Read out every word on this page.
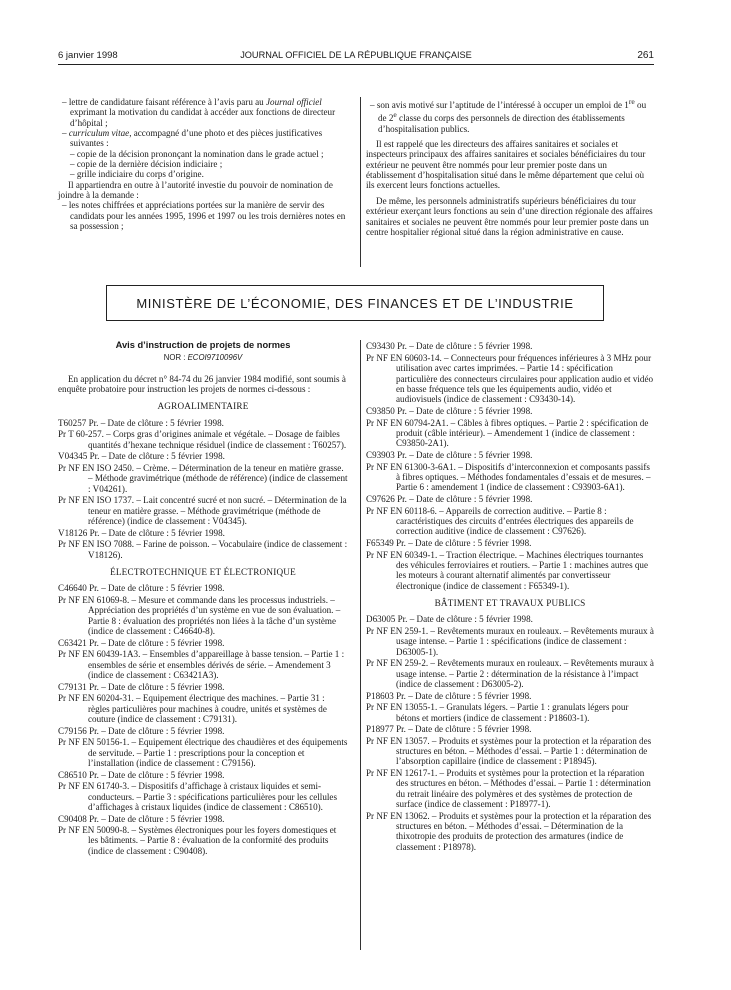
6 janvier 1998	JOURNAL OFFICIEL DE LA RÉPUBLIQUE FRANÇAISE	261

– lettre de candidature faisant référence à l’avis paru au Journal officiel exprimant la motivation du candidat à accéder aux fonctions de directeur d’hôpital ;

– curriculum vitae, accompagné d’une photo et des pièces justificatives suivantes :

– copie de la décision prononçant la nomination dans le grade actuel ;

– copie de la dernière décision indiciaire ;

– grille indiciaire du corps d’origine.

Il appartiendra en outre à l’autorité investie du pouvoir de nomination de joindre à la demande :

– les notes chiffrées et appréciations portées sur la manière de servir des candidats pour les années 1995, 1996 et 1997 ou les trois dernières notes en sa possession ;

– son avis motivé sur l’aptitude de l’intéressé à occuper un emploi de 1re ou de 2e classe du corps des personnels de direction des établissements d’hospitalisation publics.

Il est rappelé que les directeurs des affaires sanitaires et sociales et inspecteurs principaux des affaires sanitaires et sociales bénéficiaires du tour extérieur ne peuvent être nommés pour leur premier poste dans un établissement d’hospitalisation situé dans le même département que celui où ils exercent leurs fonctions actuelles.

De même, les personnels administratifs supérieurs bénéficiaires du tour extérieur exerçant leurs fonctions au sein d’une direction régionale des affaires sanitaires et sociales ne peuvent être nommés pour leur premier poste dans un centre hospitalier régional situé dans la région administrative en cause.

MINISTÈRE DE L’ÉCONOMIE, DES FINANCES ET DE L’INDUSTRIE

Avis d’instruction de projets de normes

NOR : ECOI9710096V

En application du décret n° 84-74 du 26 janvier 1984 modifié, sont soumis à enquête probatoire pour instruction les projets de normes ci-dessous :

AGROALIMENTAIRE

T60257 Pr. – Date de clôture : 5 février 1998.

Pr T 60-257. – Corps gras d’origines animale et végétale. – Dosage de faibles quantités d’hexane technique résiduel (indice de classement : T60257).

V04345 Pr. – Date de clôture : 5 février 1998.

Pr NF EN ISO 2450. – Crème. – Détermination de la teneur en matière grasse. – Méthode gravimétrique (méthode de référence) (indice de classement : V04261).

Pr NF EN ISO 1737. – Lait concentré sucré et non sucré. – Détermination de la teneur en matière grasse. – Méthode gravimétrique (méthode de référence) (indice de classement : V04345).

V18126 Pr. – Date de clôture : 5 février 1998.

Pr NF EN ISO 7088. – Farine de poisson. – Vocabulaire (indice de classement : V18126).

ÉLECTROTECHNIQUE ET ÉLECTRONIQUE

C46640 Pr. – Date de clôture : 5 février 1998.

Pr NF EN 61069-8. – Mesure et commande dans les processus industriels. – Appréciation des propriétés d’un système en vue de son évaluation. – Partie 8 : évaluation des propriétés non liées à la tâche d’un système (indice de classement : C46640-8).

C63421 Pr. – Date de clôture : 5 février 1998.

Pr NF EN 60439-1A3. – Ensembles d’appareillage à basse tension. – Partie 1 : ensembles de série et ensembles dérivés de série. – Amendement 3 (indice de classement : C63421A3).

C79131 Pr. – Date de clôture : 5 février 1998.

Pr NF EN 60204-31. – Equipement électrique des machines. – Partie 31 : règles particulières pour machines à coudre, unités et systèmes de couture (indice de classement : C79131).

C79156 Pr. – Date de clôture : 5 février 1998.

Pr NF EN 50156-1. – Equipement électrique des chaudières et des équipements de servitude. – Partie 1 : prescriptions pour la conception et l’installation (indice de classement : C79156).

C86510 Pr. – Date de clôture : 5 février 1998.

Pr NF EN 61740-3. – Dispositifs d’affichage à cristaux liquides et semi-conducteurs. – Partie 3 : spécifications particulières pour les cellules d’affichages à cristaux liquides (indice de classement : C86510).

C90408 Pr. – Date de clôture : 5 février 1998.

Pr NF EN 50090-8. – Systèmes électroniques pour les foyers domestiques et les bâtiments. – Partie 8 : évaluation de la conformité des produits (indice de classement : C90408).

C93430 Pr. – Date de clôture : 5 février 1998.

Pr NF EN 60603-14. – Connecteurs pour fréquences inférieures à 3 MHz pour utilisation avec cartes imprimées. – Partie 14 : spécification particulière des connecteurs circulaires pour application audio et vidéo en basse fréquence tels que les équipements audio, vidéo et audiovisuels (indice de classement : C93430-14).

C93850 Pr. – Date de clôture : 5 février 1998.

Pr NF EN 60794-2A1. – Câbles à fibres optiques. – Partie 2 : spécification de produit (câble intérieur). – Amendement 1 (indice de classement : C93850-2A1).

C93903 Pr. – Date de clôture : 5 février 1998.

Pr NF EN 61300-3-6A1. – Dispositifs d’interconnexion et composants passifs à fibres optiques. – Méthodes fondamentales d’essais et de mesures. – Partie 6 : amendement 1 (indice de classement : C93903-6A1).

C97626 Pr. – Date de clôture : 5 février 1998.

Pr NF EN 60118-6. – Appareils de correction auditive. – Partie 8 : caractéristiques des circuits d’entrées électriques des appareils de correction auditive (indice de classement : C97626).

F65349 Pr. – Date de clôture : 5 février 1998.

Pr NF EN 60349-1. – Traction électrique. – Machines électriques tournantes des véhicules ferroviaires et routiers. – Partie 1 : machines autres que les moteurs à courant alternatif alimentés par convertisseur électronique (indice de classement : F65349-1).

BÂTIMENT ET TRAVAUX PUBLICS

D63005 Pr. – Date de clôture : 5 février 1998.

Pr NF EN 259-1. – Revêtements muraux en rouleaux. – Revêtements muraux à usage intense. – Partie 1 : spécifications (indice de classement : D63005-1).

Pr NF EN 259-2. – Revêtements muraux en rouleaux. – Revêtements muraux à usage intense. – Partie 2 : détermination de la résistance à l’impact (indice de classement : D63005-2).

P18603 Pr. – Date de clôture : 5 février 1998.

Pr NF EN 13055-1. – Granulats légers. – Partie 1 : granulats légers pour bétons et mortiers (indice de classement : P18603-1).

P18977 Pr. – Date de clôture : 5 février 1998.

Pr NF EN 13057. – Produits et systèmes pour la protection et la réparation des structures en béton. – Méthodes d’essai. – Partie 1 : détermination de l’absorption capillaire (indice de classement : P18945).

Pr NF EN 12617-1. – Produits et systèmes pour la protection et la réparation des structures en béton. – Méthodes d’essai. – Partie 1 : détermination du retrait linéaire des polymères et des systèmes de protection de surface (indice de classement : P18977-1).

Pr NF EN 13062. – Produits et systèmes pour la protection et la réparation des structures en béton. – Méthodes d’essai. – Détermination de la thixotropie des produits de protection des armatures (indice de classement : P18978).
